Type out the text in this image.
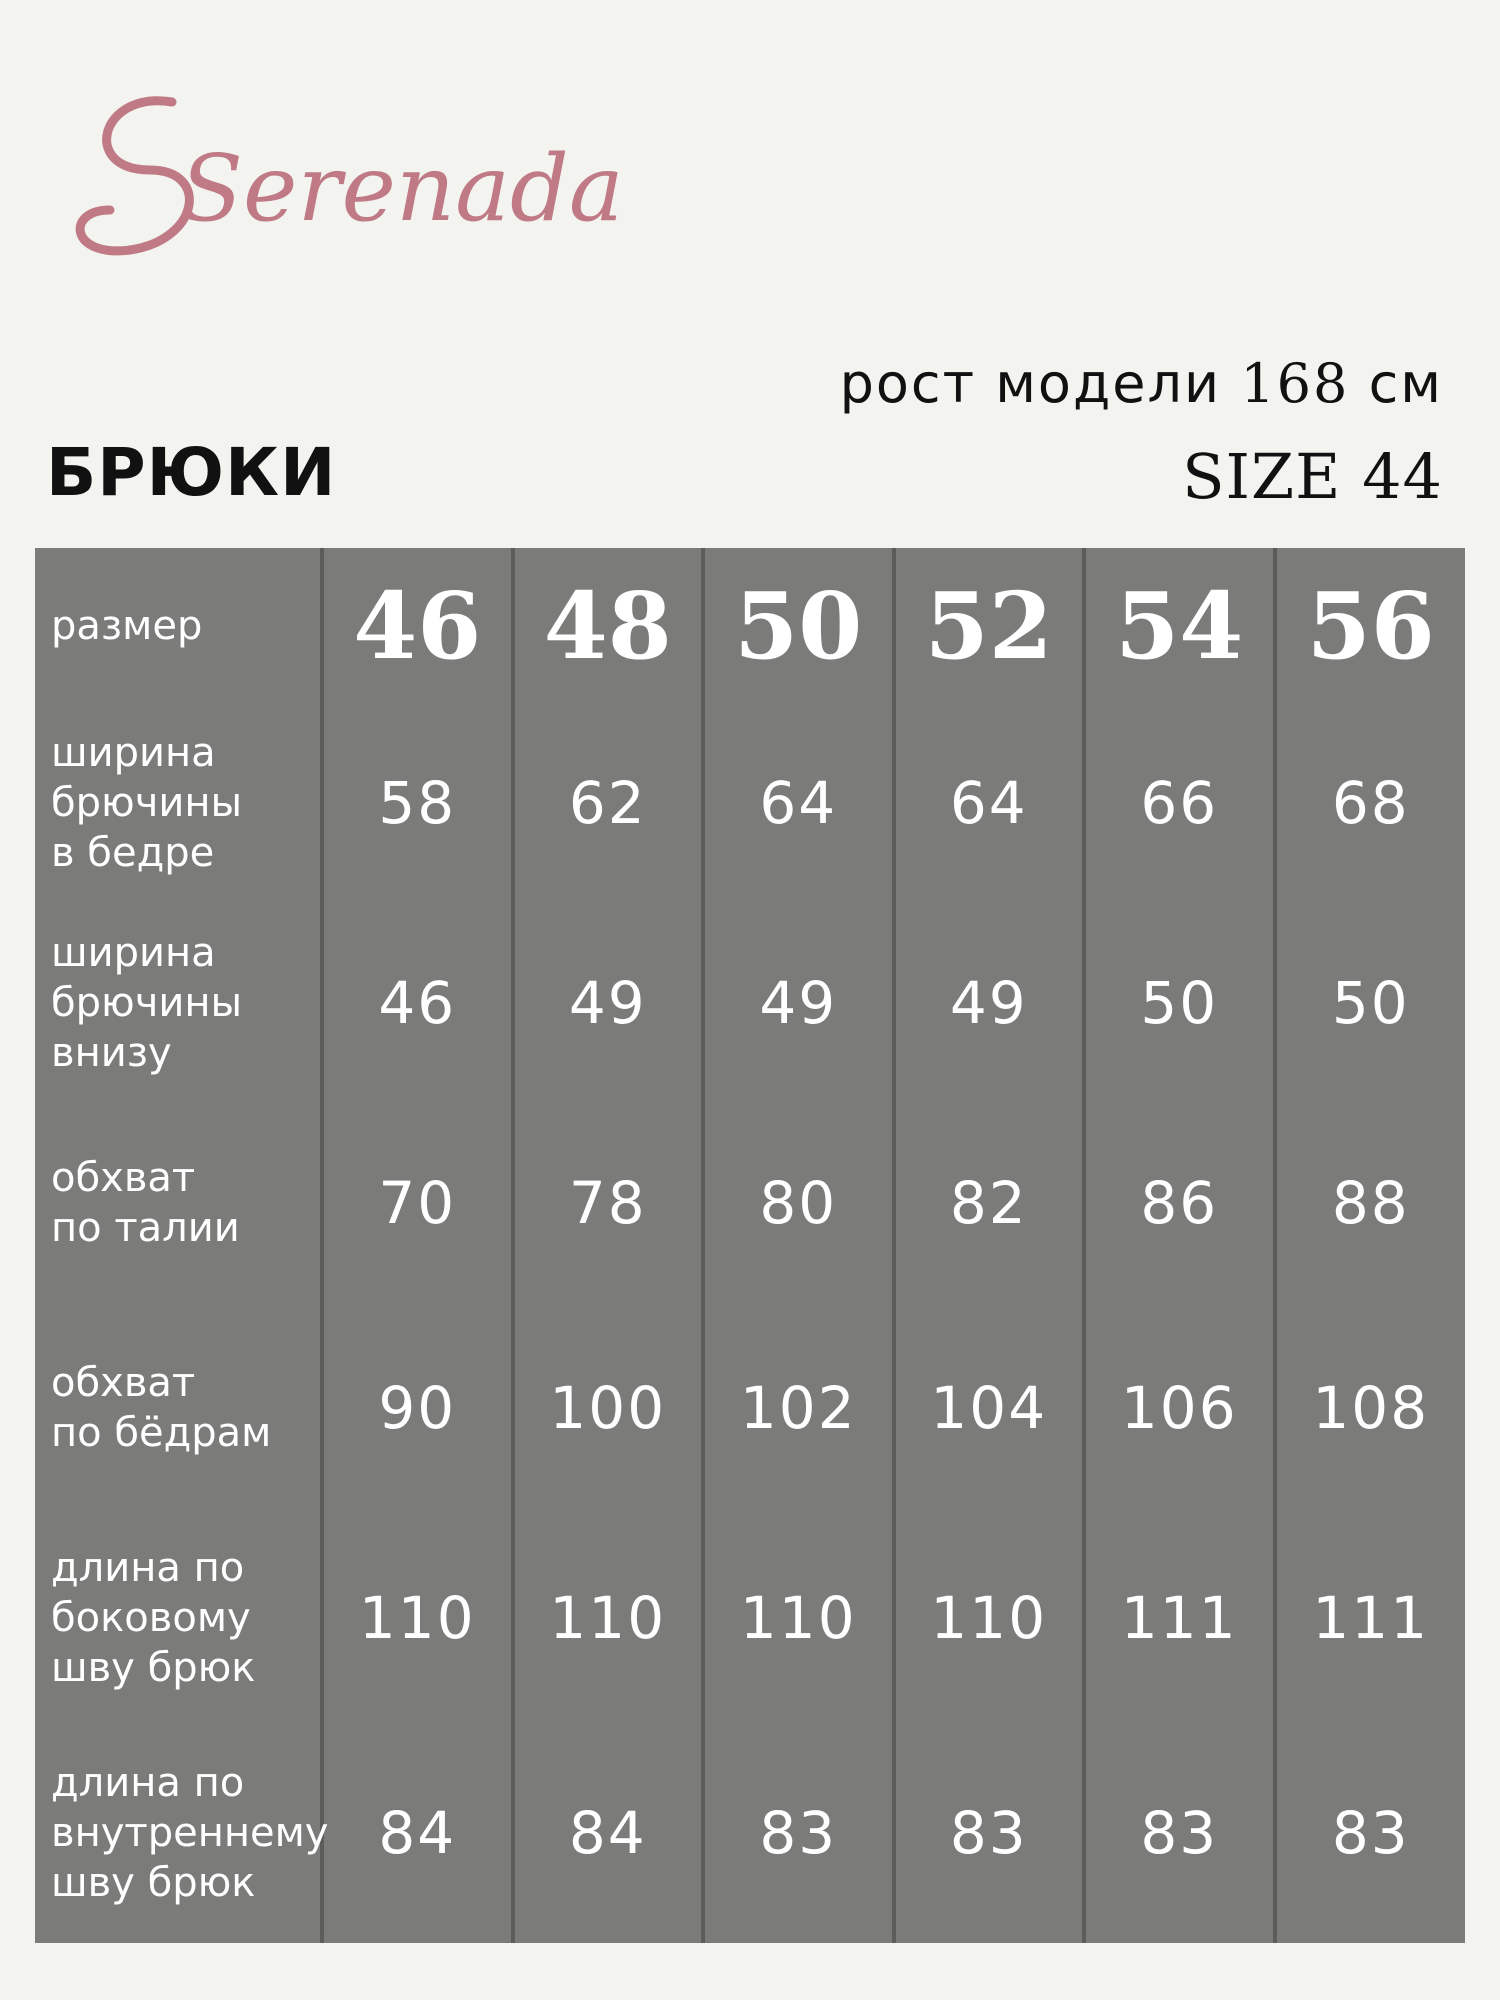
Serenada
рост модели 168 см
SIZE 44
БРЮКИ
размер	46	48	50	52	54	56

ширина
брючины
в бедре	58	62	64	64	66	68

ширина
брючины
внизу	46	49	49	49	50	50

обхват
по талии	70	78	80	82	86	88

обхват
по бёдрам	90	100	102	104	106	108

длина по
боковому
шву брюк	110	110	110	110	111	111

длина по
внутреннему
шву брюк	84	84	83	83	83	83
